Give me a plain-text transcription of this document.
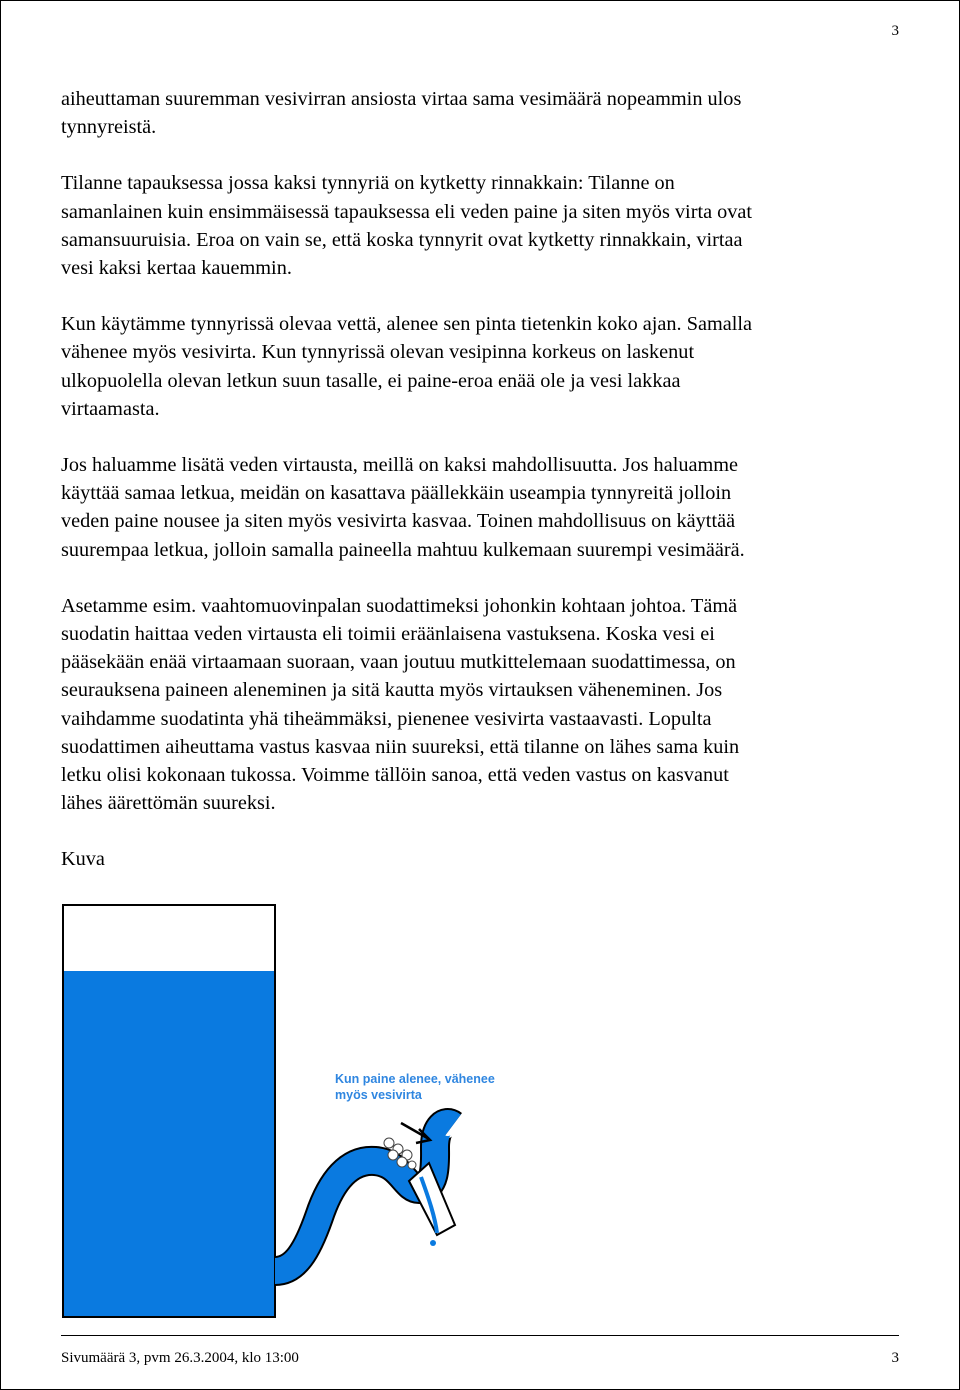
3

aiheuttaman suuremman vesivirran ansiosta virtaa sama vesimäärä nopeammin ulos
tynnyreistä.

Tilanne tapauksessa jossa kaksi tynnyriä on kytketty rinnakkain: Tilanne on
samanlainen kuin ensimmäisessä tapauksessa eli veden paine ja siten myös virta ovat
samansuuruisia. Eroa on vain se, että koska tynnyrit ovat kytketty rinnakkain, virtaa
vesi kaksi kertaa kauemmin.

Kun käytämme tynnyrissä olevaa vettä, alenee sen pinta tietenkin koko ajan. Samalla
vähenee myös vesivirta. Kun tynnyrissä olevan vesipinna korkeus on laskenut
ulkopuolella olevan letkun suun tasalle, ei paine-eroa enää ole ja vesi lakkaa
virtaamasta.

Jos haluamme lisätä veden virtausta, meillä on kaksi mahdollisuutta. Jos haluamme
käyttää samaa letkua, meidän on kasattava päällekkäin useampia tynnyreitä jolloin
veden paine nousee ja siten myös vesivirta kasvaa. Toinen mahdollisuus on käyttää
suurempaa letkua, jolloin samalla paineella mahtuu kulkemaan suurempi vesimäärä.

Asetamme esim. vaahtomuovinpalan suodattimeksi johonkin kohtaan johtoa. Tämä
suodatin haittaa veden virtausta eli toimii eräänlaisena vastuksena. Koska vesi ei
pääsekään enää virtaamaan suoraan, vaan joutuu mutkittelemaan suodattimessa, on
seurauksena paineen aleneminen ja sitä kautta myös virtauksen väheneminen. Jos
vaihdamme suodatinta yhä tiheämmäksi, pienenee vesivirta vastaavasti. Lopulta
suodattimen aiheuttama vastus kasvaa niin suureksi, että tilanne on lähes sama kuin
letku olisi kokonaan tukossa. Voimme tällöin sanoa, että veden vastus on kasvanut
lähes äärettömän suureksi.

Kuva

Kun paine alenee, vähenee
myös vesivirta
Sivumäärä 3, pvm 26.3.2004, klo 13:00	3
